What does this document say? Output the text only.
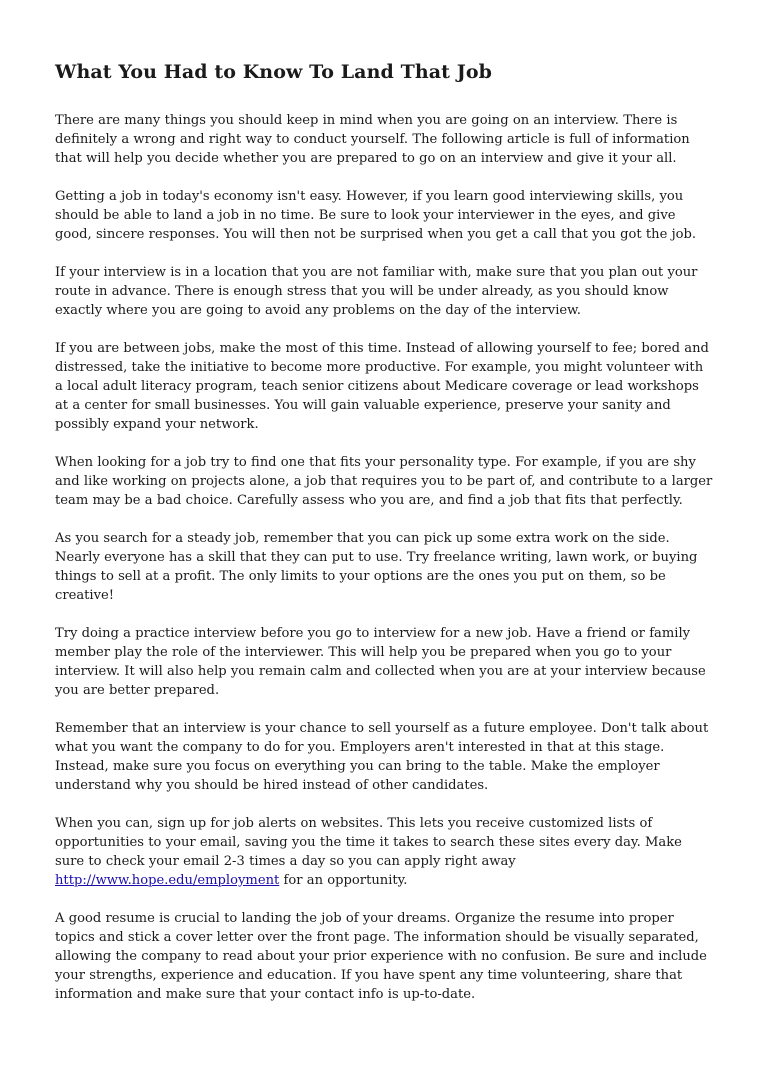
What You Had to Know To Land That Job

There are many things you should keep in mind when you are going on an interview. There is definitely a wrong and right way to conduct yourself. The following article is full of information that will help you decide whether you are prepared to go on an interview and give it your all.

Getting a job in today's economy isn't easy. However, if you learn good interviewing skills, you should be able to land a job in no time. Be sure to look your interviewer in the eyes, and give good, sincere responses. You will then not be surprised when you get a call that you got the job.

If your interview is in a location that you are not familiar with, make sure that you plan out your route in advance. There is enough stress that you will be under already, as you should know exactly where you are going to avoid any problems on the day of the interview.

If you are between jobs, make the most of this time. Instead of allowing yourself to fee; bored and distressed, take the initiative to become more productive. For example, you might volunteer with a local adult literacy program, teach senior citizens about Medicare coverage or lead workshops at a center for small businesses. You will gain valuable experience, preserve your sanity and possibly expand your network.

When looking for a job try to find one that fits your personality type. For example, if you are shy and like working on projects alone, a job that requires you to be part of, and contribute to a larger team may be a bad choice. Carefully assess who you are, and find a job that fits that perfectly.

As you search for a steady job, remember that you can pick up some extra work on the side. Nearly everyone has a skill that they can put to use. Try freelance writing, lawn work, or buying things to sell at a profit. The only limits to your options are the ones you put on them, so be creative!

Try doing a practice interview before you go to interview for a new job. Have a friend or family member play the role of the interviewer. This will help you be prepared when you go to your interview. It will also help you remain calm and collected when you are at your interview because you are better prepared.

Remember that an interview is your chance to sell yourself as a future employee. Don't talk about what you want the company to do for you. Employers aren't interested in that at this stage. Instead, make sure you focus on everything you can bring to the table. Make the employer understand why you should be hired instead of other candidates.

When you can, sign up for job alerts on websites. This lets you receive customized lists of opportunities to your email, saving you the time it takes to search these sites every day. Make sure to check your email 2-3 times a day so you can apply right away http://www.hope.edu/employment for an opportunity.

A good resume is crucial to landing the job of your dreams. Organize the resume into proper topics and stick a cover letter over the front page. The information should be visually separated, allowing the company to read about your prior experience with no confusion. Be sure and include your strengths, experience and education. If you have spent any time volunteering, share that information and make sure that your contact info is up-to-date.
